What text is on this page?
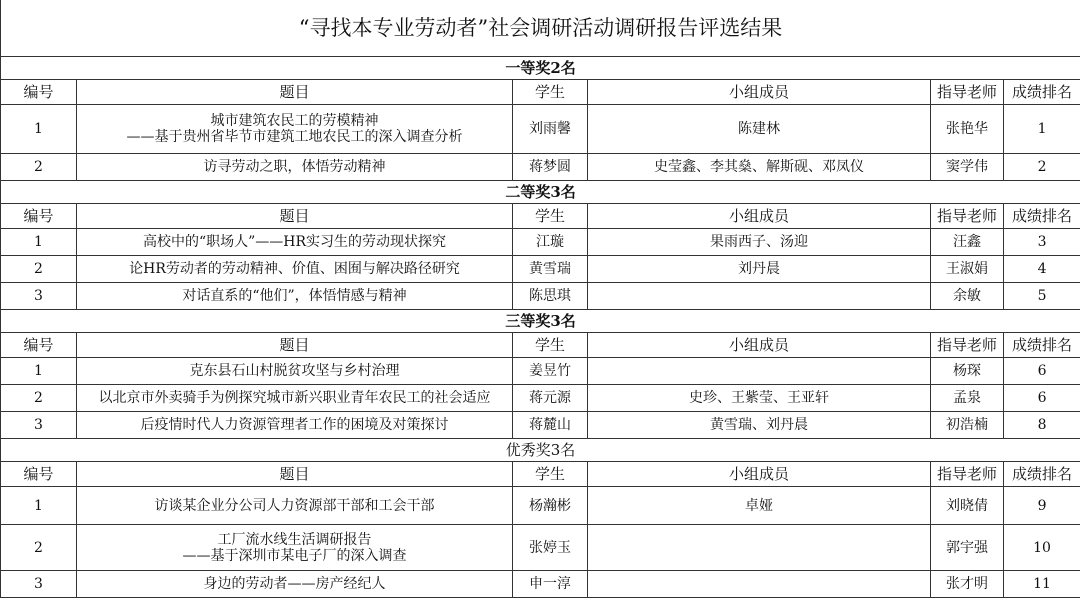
“寻找本专业劳动者”社会调研活动调研报告评选结果					
一等奖2名					
编号	题目	学生	小组成员	指导老师	成绩排名
1	城市建筑农民工的劳模精神
——基于贵州省毕节市建筑工地农民工的深入调查分析	刘雨馨	陈建林	张艳华	1
2	访寻劳动之职，体悟劳动精神	蒋梦圆	史莹鑫、李其燊、解斯砚、邓凤仪	窦学伟	2
二等奖3名					
编号	题目	学生	小组成员	指导老师	成绩排名
1	高校中的“职场人”——HR实习生的劳动现状探究	江璇	果雨西子、汤迎	汪鑫	3
2	论HR劳动者的劳动精神、价值、困囿与解决路径研究	黄雪瑞	刘丹晨	王淑娟	4
3	对话直系的“他们”，体悟情感与精神	陈思琪		余敏	5
三等奖3名					
编号	题目	学生	小组成员	指导老师	成绩排名
1	克东县石山村脱贫攻坚与乡村治理	姜昱竹		杨琛	6
2	以北京市外卖骑手为例探究城市新兴职业青年农民工的社会适应	蒋元源	史珍、王紫莹、王亚轩	孟泉	6
3	后疫情时代人力资源管理者工作的困境及对策探讨	蒋麓山	黄雪瑞、刘丹晨	初浩楠	8
优秀奖3名					
编号	题目	学生	小组成员	指导老师	成绩排名
1	访谈某企业分公司人力资源部干部和工会干部	杨瀚彬	卓娅	刘晓倩	9
2	工厂流水线生活调研报告
——基于深圳市某电子厂的深入调查	张婷玉		郭宇强	10
3	身边的劳动者——房产经纪人	申一淳		张才明	11
